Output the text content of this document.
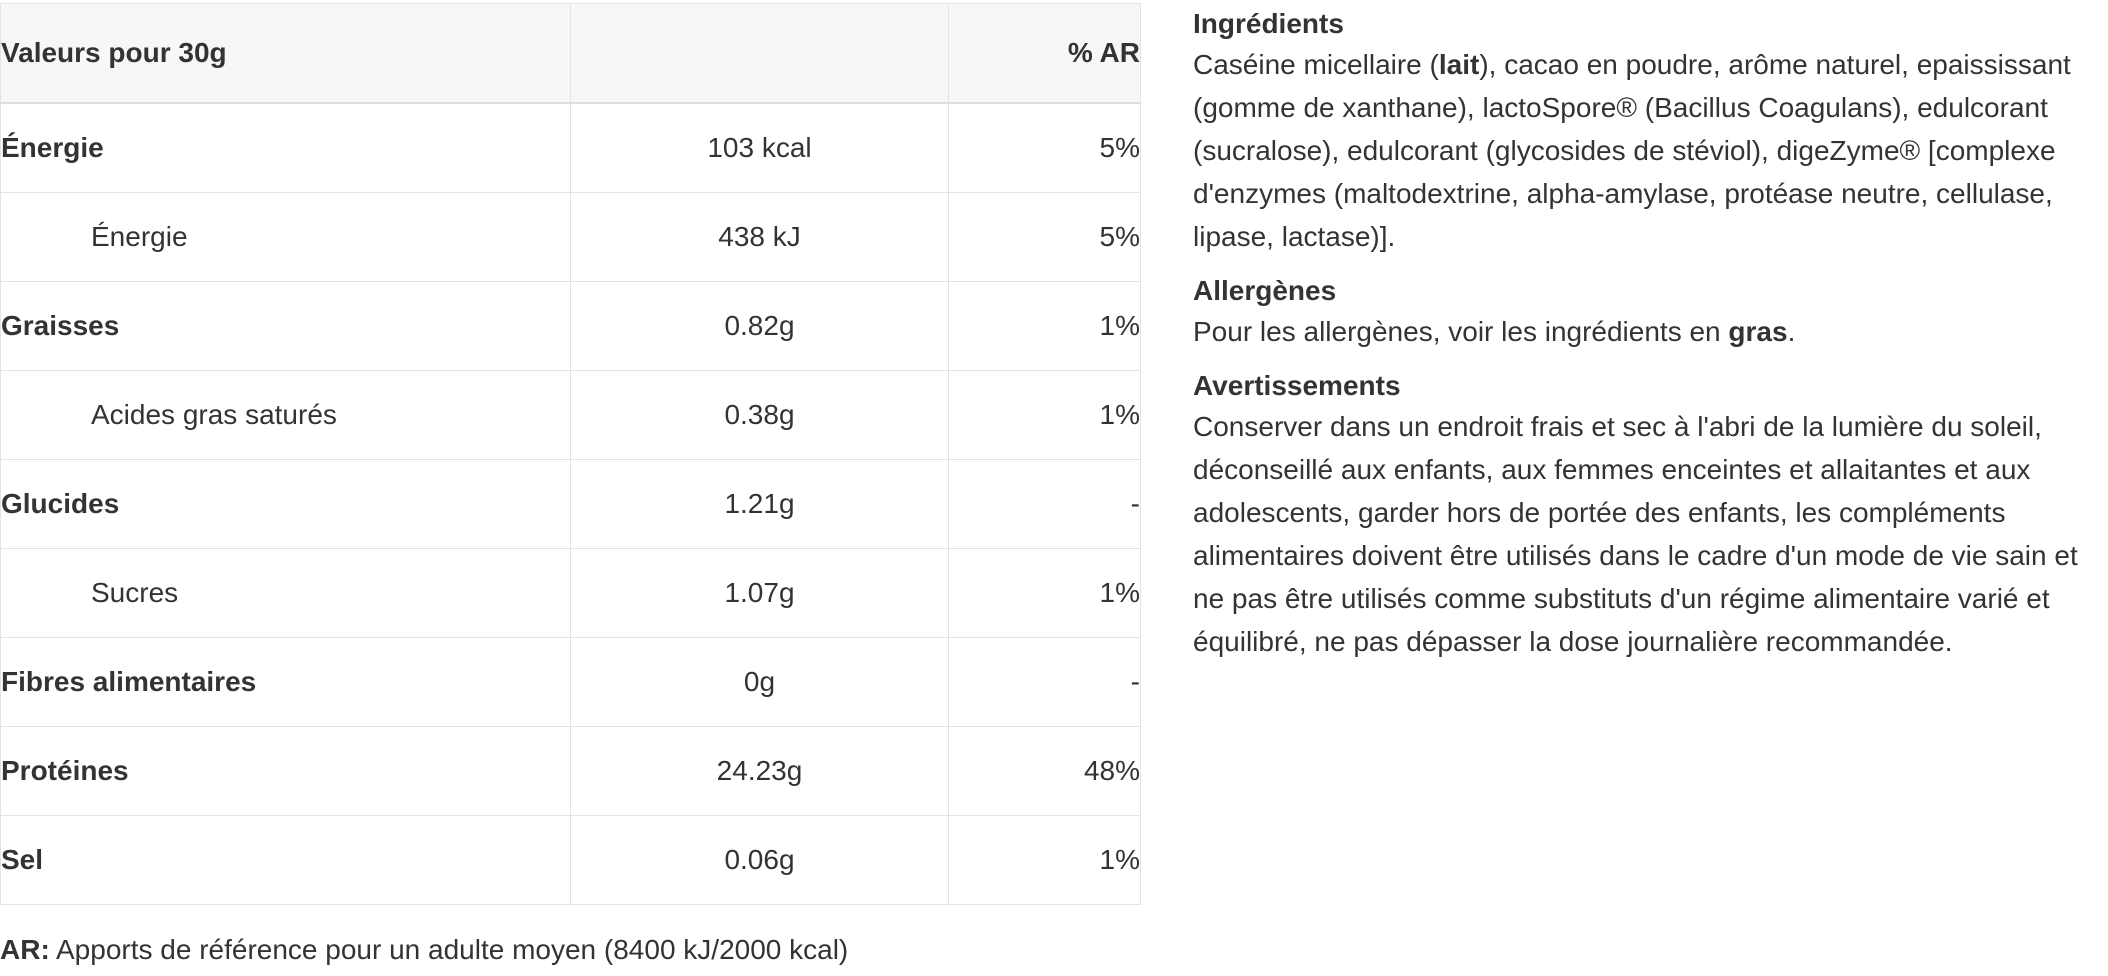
Valeurs pour 30g		% AR
Énergie	103 kcal	5%
Énergie	438 kJ	5%
Graisses	0.82g	1%
Acides gras saturés	0.38g	1%
Glucides	1.21g	-
Sucres	1.07g	1%
Fibres alimentaires	0g	-
Protéines	24.23g	48%
Sel	0.06g	1%
AR: Apports de référence pour un adulte moyen (8400 kJ/2000 kcal)
Ingrédients

Caséine micellaire (lait), cacao en poudre, arôme naturel, epaississant (gomme de xanthane), lactoSpore® (Bacillus Coagulans), edulcorant (sucralose), edulcorant (glycosides de stéviol), digeZyme® [complexe d'enzymes (maltodextrine, alpha-amylase, protéase neutre, cellulase, lipase, lactase)].

Allergènes

Pour les allergènes, voir les ingrédients en gras.

Avertissements

Conserver dans un endroit frais et sec à l'abri de la lumière du soleil, déconseillé aux enfants, aux femmes enceintes et allaitantes et aux adolescents, garder hors de portée des enfants, les compléments alimentaires doivent être utilisés dans le cadre d'un mode de vie sain et ne pas être utilisés comme substituts d'un régime alimentaire varié et équilibré, ne pas dépasser la dose journalière recommandée.
